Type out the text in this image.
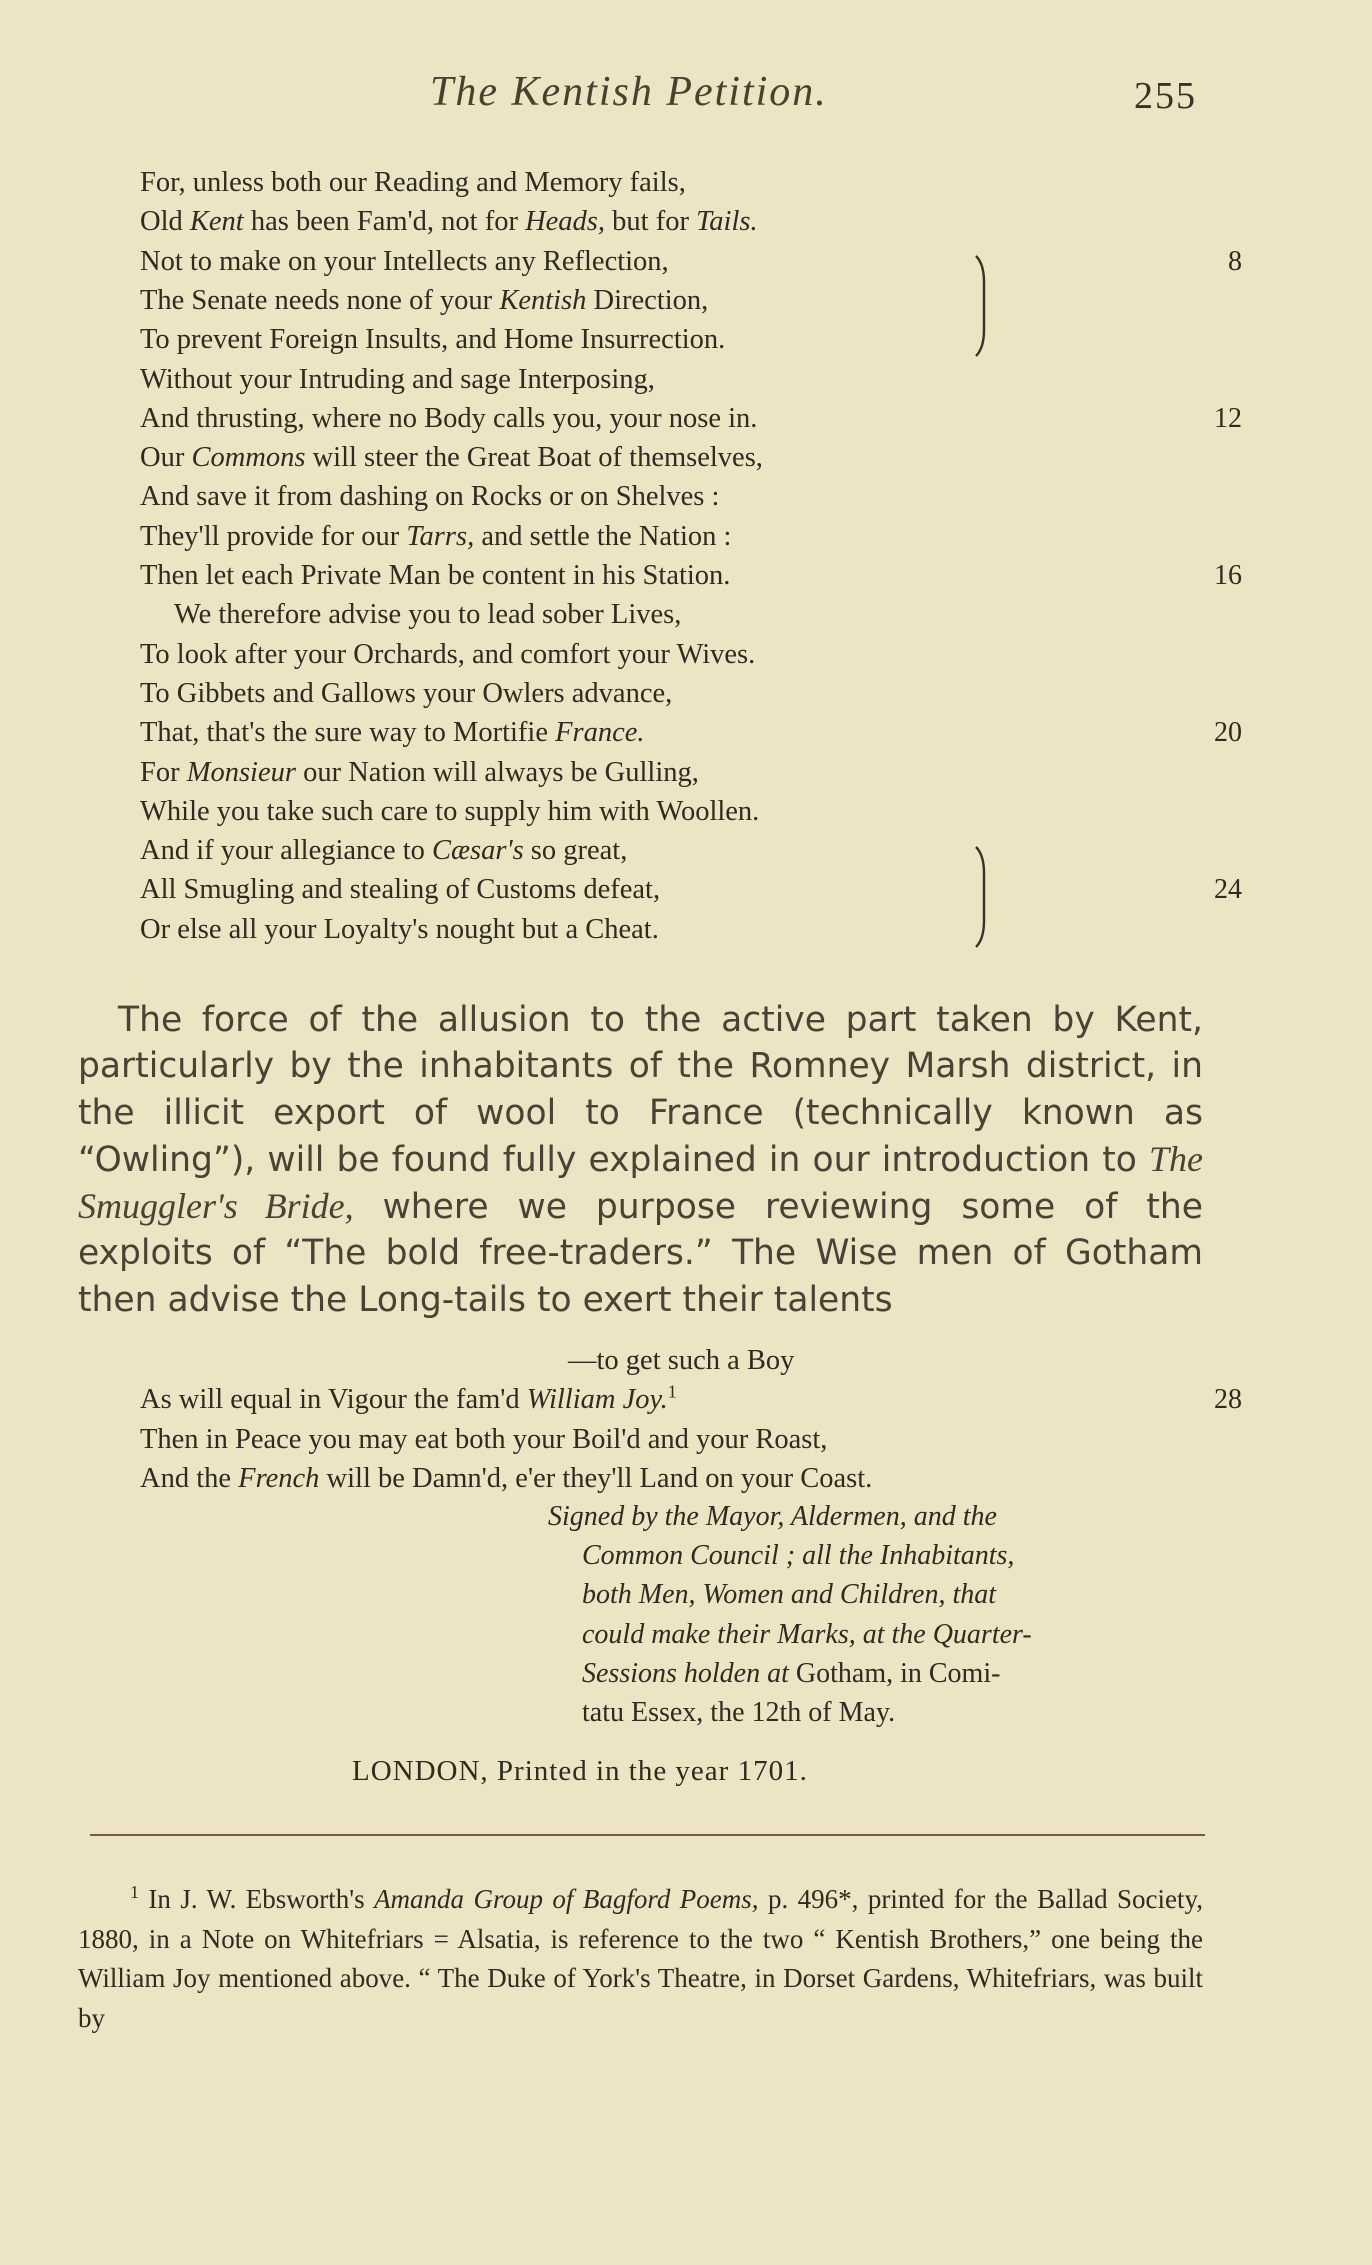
The Kentish Petition.	255
For, unless both our Reading and Memory fails,
Old Kent has been Fam'd, not for Heads, but for Tails.
Not to make on your Intellects any Reflection,	8
The Senate needs none of your Kentish Direction,
To prevent Foreign Insults, and Home Insurrection.
Without your Intruding and sage Interposing,
And thrusting, where no Body calls you, your nose in.	12
Our Commons will steer the Great Boat of themselves,
And save it from dashing on Rocks or on Shelves :
They'll provide for our Tarrs, and settle the Nation :
Then let each Private Man be content in his Station.	16
We therefore advise you to lead sober Lives,
To look after your Orchards, and comfort your Wives.
To Gibbets and Gallows your Owlers advance,
That, that's the sure way to Mortifie France.	20
For Monsieur our Nation will always be Gulling,
While you take such care to supply him with Woollen.
And if your allegiance to Cæsar's so great,
All Smugling and stealing of Customs defeat,	24
Or else all your Loyalty's nought but a Cheat.

The force of the allusion to the active part taken by Kent, particularly by the inhabitants of the Romney Marsh district, in the illicit export of wool to France (technically known as “Owling”), will be found fully explained in our introduction to The Smuggler's Bride, where we purpose reviewing some of the exploits of “The bold free-traders.” The Wise men of Gotham then advise the Long-tails to exert their talents

—to get such a Boy
As will equal in Vigour the fam'd William Joy.$^1$	28
Then in Peace you may eat both your Boil'd and your Roast,
And the French will be Damn'd, e'er they'll Land on your Coast.
Signed by the Mayor, Aldermen, and the
Common Council ; all the Inhabitants,
both Men, Women and Children, that
could make their Marks, at the Quarter-
Sessions holden at Gotham, in Comi-
tatu Essex, the 12th of May.
LONDON, Printed in the year 1701.

$^1$ In J. W. Ebsworth's Amanda Group of Bagford Poems, p. 496*, printed for the Ballad Society, 1880, in a Note on Whitefriars = Alsatia, is reference to the two “ Kentish Brothers,” one being the William Joy mentioned above. “ The Duke of York's Theatre, in Dorset Gardens, Whitefriars, was built by
